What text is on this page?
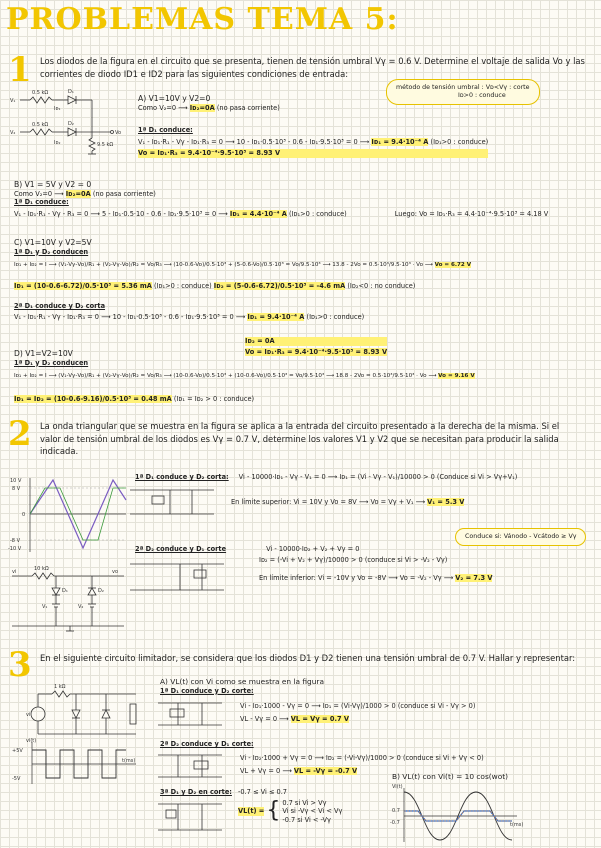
PROBLEMAS TEMA 5:
1 Los diodos de la figura en el circuito que se presenta, tienen de tensión umbral Vγ = 0.6 V. Determine el voltaje de salida Vo y las
corrientes de diodo ID1 e ID2 para las siguientes condiciones de entrada:
método de tensión umbral : Vᴅ<Vγ : corte
Iᴅ>0 : conduce
V₁
0.5 kΩ	D₁
Iᴅ₁
V₂
0.5 kΩ	D₂
Iᴅ₂
Vo
9.5 kΩ
A) V1=10V y V2=0
Como V₂=0 ⟶ Iᴅ₂=0A (no pasa corriente)
1ª D₁ conduce:
V₁ - Iᴅ₁·R₁ - Vγ - Iᴅ₁·R₃ = 0 ⟶ 10 - Iᴅ₁·0.5·10³ - 0.6 - Iᴅ₁·9.5·10³ = 0 ⟶ Iᴅ₁ = 9.4·10⁻⁴ A (Iᴅ₁>0 : conduce)
Vo = Iᴅ₁·R₃ = 9.4·10⁻⁴·9.5·10³ = 8.93 V
B) V1 = 5V y V2 = 0
Como V₂=0 ⟶ Iᴅ₂=0A (no pasa corriente)
1ª D₁ conduce:
V₁ - Iᴅ₁·R₁ - Vγ - R₃ = 0 ⟶ 5 - Iᴅ₁·0.5·10 - 0.6 - Iᴅ₁·9.5·10³ = 0 ⟶ Iᴅ₁ = 4.4·10⁻⁴ A (Iᴅ₁>0 : conduce)	Luego: Vo = Iᴅ₁·R₃ = 4.4·10⁻⁴·9.5·10³ = 4.18 V
C) V1=10V y V2=5V
1ª D₁ y D₂ conducen
Iᴅ₁ + Iᴅ₂ = I ⟶ (V₁-Vγ-Vo)/R₁ + (V₂-Vγ-Vo)/R₂ = Vo/R₃ ⟶ (10-0.6-Vo)/0.5·10³ + (5-0.6-Vo)/0.5·10³ = Vo/9.5·10³ ⟶ 13.8 - 2Vo = 0.5·10³/9.5·10³ · Vo ⟶ Vo = 6.72 V
Iᴅ₁ = (10-0.6-6.72)/0.5·10³ = 5.36 mA (Iᴅ₁>0 : conduce) Iᴅ₂ = (5-0.6-6.72)/0.5·10³ = -4.6 mA (Iᴅ₂<0 : no conduce)
2ª D₁ conduce y D₂ corta
V₁ - Iᴅ₁·R₁ - Vγ - Iᴅ₁·R₃ = 0 ⟶ 10 - Iᴅ₁·0.5·10³ - 0.6 - Iᴅ₁·9.5·10³ = 0 ⟶ Iᴅ₁ = 9.4·10⁻⁴ A (Iᴅ₁>0 : conduce)
Iᴅ₂ = 0A
Vo = Iᴅ₁·R₃ = 9.4·10⁻⁴·9.5·10³ = 8.93 V
D) V1=V2=10V
1ª D₁ y D₂ conducen
Iᴅ₁ + Iᴅ₂ = I ⟶ (V₁-Vγ-Vo)/R₁ + (V₂-Vγ-Vo)/R₂ = Vo/R₃ ⟶ (10-0.6-Vo)/0.5·10³ + (10-0.6-Vo)/0.5·10³ = Vo/9.5·10³ ⟶ 18.8 - 2Vo = 0.5·10³/9.5·10³ · Vo ⟶ Vo = 9.16 V
Iᴅ₁ = Iᴅ₂ = (10-0.6-9.16)/0.5·10³ = 0.48 mA (Iᴅ₁ = Iᴅ₂ > 0 : conduce)
2 La onda triangular que se muestra en la figura se aplica a la entrada del circuito presentado a la derecha de la misma. Si el
valor de tensión umbral de los diodos es Vγ = 0.7 V, determine los valores V1 y V2 que se necesitan para producir la salida
indicada.
10 V
8 V
0
-8 V
-10 V
10 kΩ	vo
vi
D₁
V₁
D₂
V₂
1ª D₁ conduce y D₂ corta: Vi - 10000·Iᴅ₁ - Vγ - V₁ = 0 ⟶ Iᴅ₁ = (Vi - Vγ - V₁)/10000 > 0 (Conduce si Vi > Vγ+V₁)
En límite superior: Vi = 10V y Vo = 8V ⟶ Vo = Vγ + V₁ ⟶ V₁ = 5.3 V
Conduce si: Vánodo - Vcátodo ≥ Vγ
2ª D₂ conduce y D₁ corte	Vi - 10000·Iᴅ₂ + V₂ + Vγ = 0
Iᴅ₂ = (-Vi + V₂ + Vγ)/10000 > 0 (conduce si Vi > -V₂ - Vγ)
En límite inferior: Vi = -10V y Vo = -8V ⟶ Vo = -V₂ - Vγ ⟶ V₂ = 7.3 V
3 En el siguiente circuito limitador, se considera que los diodos D1 y D2 tienen una tensión umbral de 0.7 V. Hallar y representar:
vi
1 kΩ
vi(t)
t(ms)
+5V
-5V
A) VL(t) con Vi como se muestra en la figura
1ª D₁ conduce y D₂ corte:
Vi - Iᴅ₁·1000 - Vγ = 0 ⟶ Iᴅ₁ = (Vi-Vγ)/1000 > 0 (conduce si Vi - Vγ > 0)
VL - Vγ = 0 ⟶ VL = Vγ = 0.7 V
2ª D₂ conduce y D₁ corte:
Vi - Iᴅ₂·1000 + Vγ = 0 ⟶ Iᴅ₂ = (-Vi-Vγ)/1000 > 0 (conduce si Vi + Vγ < 0)
VL + Vγ = 0 ⟶ VL = -Vγ = -0.7 V
3ª D₁ y D₂ en corte: -0.7 ≤ Vi ≤ 0.7
VL(t) = { 0.7 si Vi > Vγ
Vi si -Vγ < Vi < Vγ
-0.7 si Vi < -Vγ
B) VL(t) con Vi(t) = 10 cos(wot)
Vi(t)
0.7
-0.7	t(ms)
